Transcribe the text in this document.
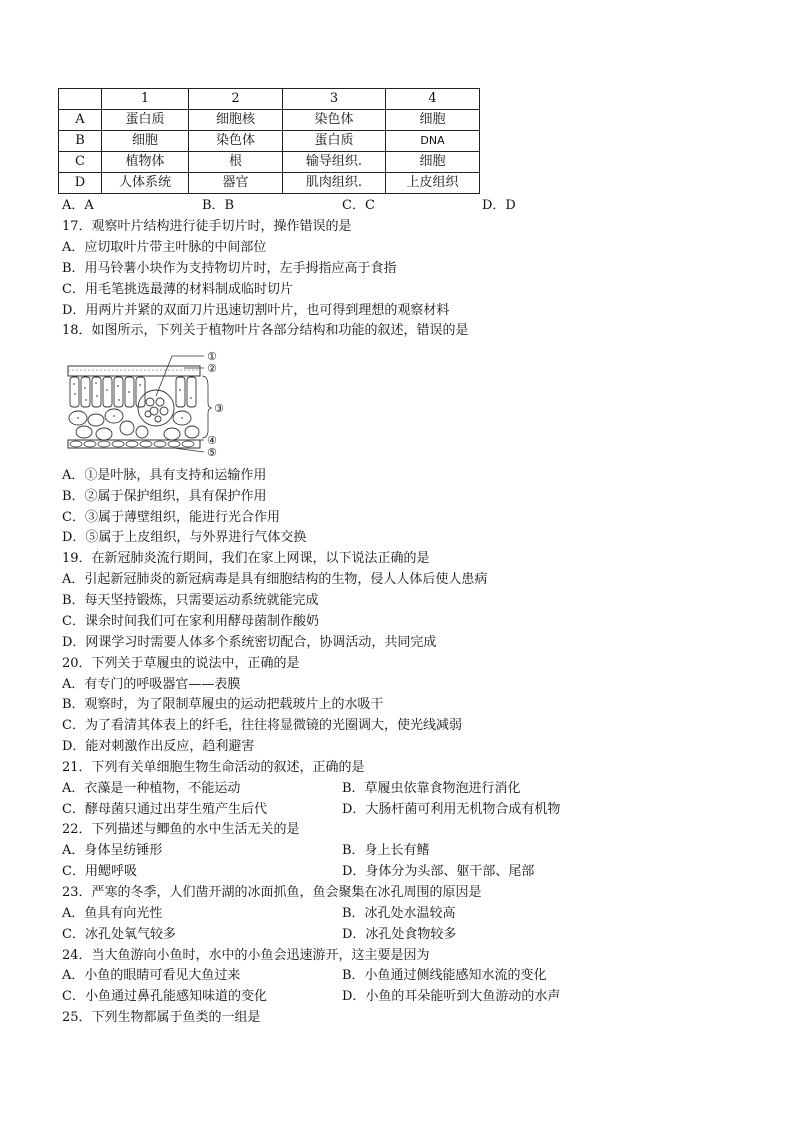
	1	2	3	4
A	蛋白质	细胞核	染色体	细胞
B	细胞	染色体	蛋白质	DNA
C	植物体	根	输导组织.	细胞
D	人体系统	器官	肌肉组织.	上皮组织
A．A	B．B	C．C	D．D
17．观察叶片结构进行徒手切片时，操作错误的是
A．应切取叶片带主叶脉的中间部位
B．用马铃薯小块作为支持物切片时，左手拇指应高于食指
C．用毛笔挑选最薄的材料制成临时切片
D．用两片并紧的双面刀片迅速切割叶片，也可得到理想的观察材料
18．如图所示，下列关于植物叶片各部分结构和功能的叙述，错误的是
①
②
③
④
⑤
A．①是叶脉，具有支持和运输作用
B．②属于保护组织，具有保护作用
C．③属于薄壁组织，能进行光合作用
D．⑤属于上皮组织，与外界进行气体交换
19．在新冠肺炎流行期间，我们在家上网课，以下说法正确的是
A．引起新冠肺炎的新冠病毒是具有细胞结构的生物，侵人人体后使人患病
B．每天坚持锻炼，只需要运动系统就能完成
C．课余时间我们可在家利用酵母菌制作酸奶
D．网课学习时需要人体多个系统密切配合，协调活动，共同完成
20．下列关于草履虫的说法中，正确的是
A．有专门的呼吸器官——表膜
B．观察时，为了限制草履虫的运动把载玻片上的水吸干
C．为了看清其体表上的纤毛，往往将显微镜的光圈调大，使光线减弱
D．能对刺激作出反应，趋利避害
21．下列有关单细胞生物生命活动的叙述，正确的是
A．衣藻是一种植物，不能运动	B．草履虫依靠食物泡进行消化
C．酵母菌只通过出芽生殖产生后代	D．大肠杆菌可利用无机物合成有机物
22．下列描述与鲫鱼的水中生活无关的是
A．身体呈纺锤形	B．身上长有鳍
C．用鳃呼吸	D．身体分为头部、躯干部、尾部
23．严寒的冬季，人们凿开湖的冰面抓鱼，鱼会聚集在冰孔周围的原因是
A．鱼具有向光性	B．冰孔处水温较高
C．冰孔处氧气较多	D．冰孔处食物较多
24．当大鱼游向小鱼时，水中的小鱼会迅速游开，这主要是因为
A．小鱼的眼睛可看见大鱼过来	B．小鱼通过侧线能感知水流的变化
C．小鱼通过鼻孔能感知味道的变化	D．小鱼的耳朵能听到大鱼游动的水声
25．下列生物都属于鱼类的一组是
